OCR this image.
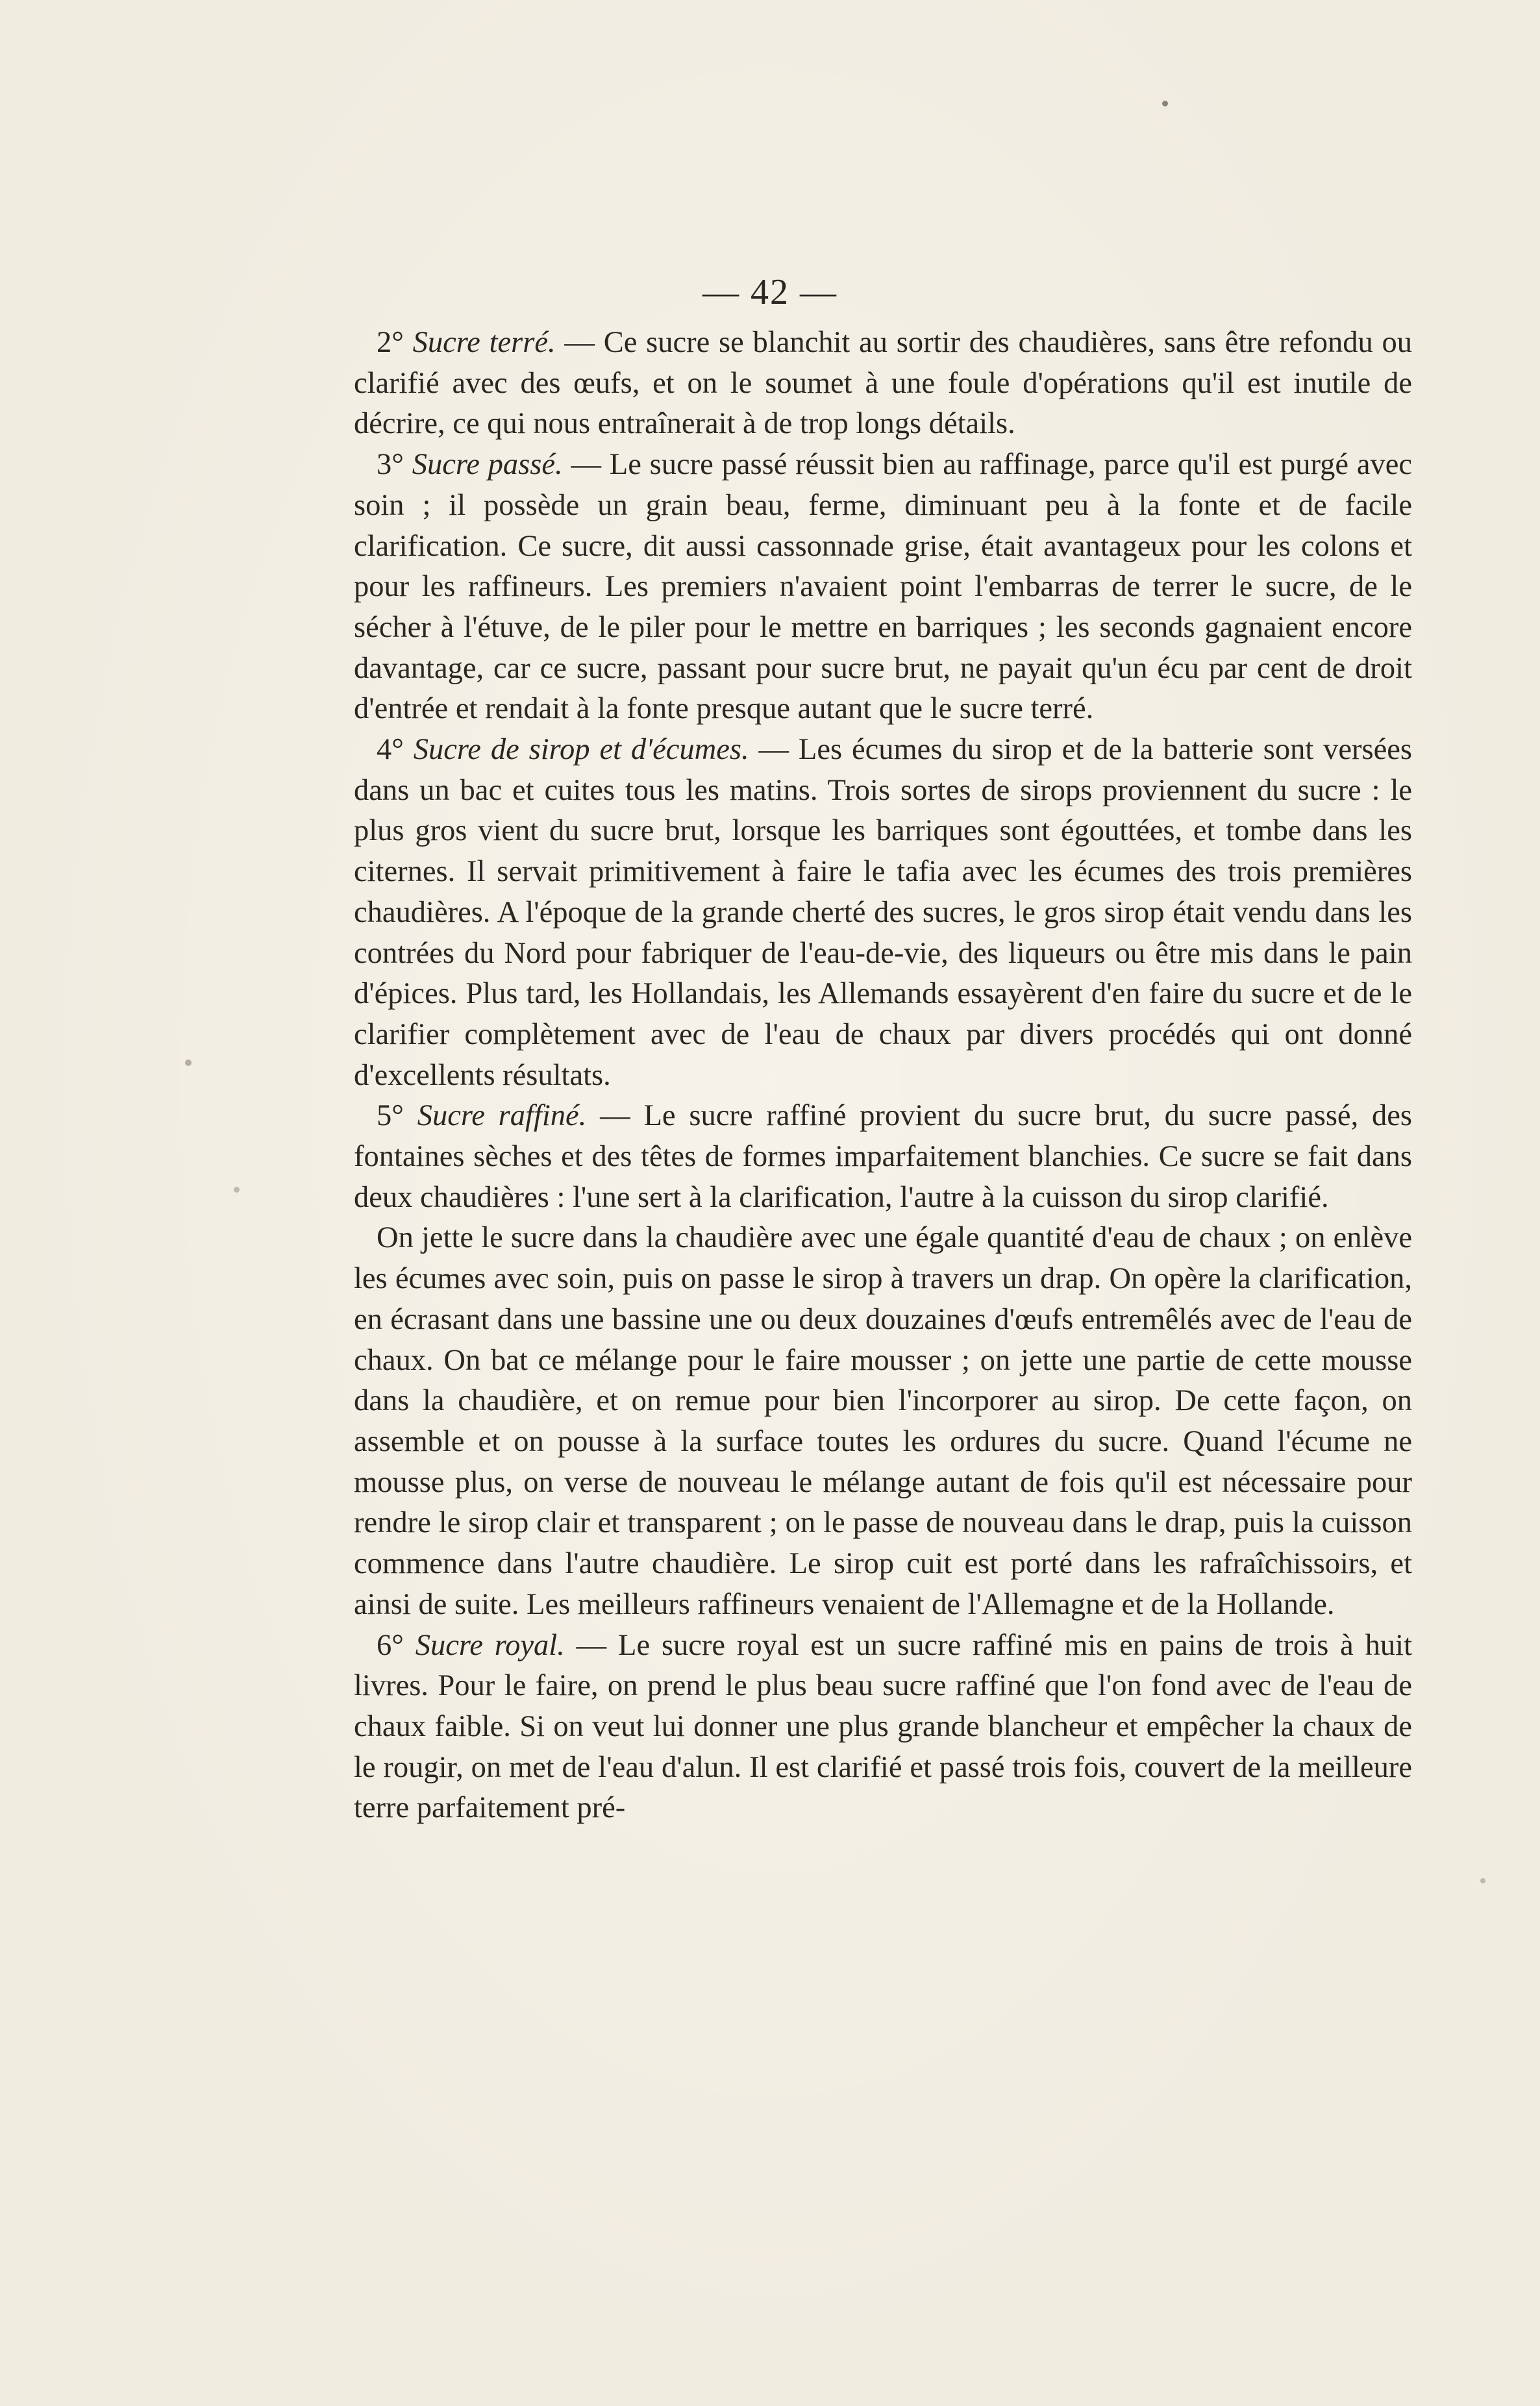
— 42 —

2° Sucre terré. — Ce sucre se blanchit au sortir des chaudières, sans être refondu ou clarifié avec des œufs, et on le soumet à une foule d'opérations qu'il est inutile de décrire, ce qui nous entraînerait à de trop longs détails.

3° Sucre passé. — Le sucre passé réussit bien au raffinage, parce qu'il est purgé avec soin ; il possède un grain beau, ferme, diminuant peu à la fonte et de facile clarification. Ce sucre, dit aussi cassonnade grise, était avantageux pour les colons et pour les raffineurs. Les premiers n'avaient point l'embarras de terrer le sucre, de le sécher à l'étuve, de le piler pour le mettre en barriques ; les seconds gagnaient encore davantage, car ce sucre, passant pour sucre brut, ne payait qu'un écu par cent de droit d'entrée et rendait à la fonte presque autant que le sucre terré.

4° Sucre de sirop et d'écumes. — Les écumes du sirop et de la batterie sont versées dans un bac et cuites tous les matins. Trois sortes de sirops proviennent du sucre : le plus gros vient du sucre brut, lorsque les barriques sont égouttées, et tombe dans les citernes. Il servait primitivement à faire le tafia avec les écumes des trois premières chaudières. A l'époque de la grande cherté des sucres, le gros sirop était vendu dans les contrées du Nord pour fabriquer de l'eau-de-vie, des liqueurs ou être mis dans le pain d'épices. Plus tard, les Hollandais, les Allemands essayèrent d'en faire du sucre et de le clarifier complètement avec de l'eau de chaux par divers procédés qui ont donné d'excellents résultats.

5° Sucre raffiné. — Le sucre raffiné provient du sucre brut, du sucre passé, des fontaines sèches et des têtes de formes imparfaitement blanchies. Ce sucre se fait dans deux chaudières : l'une sert à la clarification, l'autre à la cuisson du sirop clarifié.

On jette le sucre dans la chaudière avec une égale quantité d'eau de chaux ; on enlève les écumes avec soin, puis on passe le sirop à travers un drap. On opère la clarification, en écrasant dans une bassine une ou deux douzaines d'œufs entremêlés avec de l'eau de chaux. On bat ce mélange pour le faire mousser ; on jette une partie de cette mousse dans la chaudière, et on remue pour bien l'incorporer au sirop. De cette façon, on assemble et on pousse à la surface toutes les ordures du sucre. Quand l'écume ne mousse plus, on verse de nouveau le mélange autant de fois qu'il est nécessaire pour rendre le sirop clair et transparent ; on le passe de nouveau dans le drap, puis la cuisson commence dans l'autre chaudière. Le sirop cuit est porté dans les rafraîchissoirs, et ainsi de suite. Les meilleurs raffineurs venaient de l'Allemagne et de la Hollande.

6° Sucre royal. — Le sucre royal est un sucre raffiné mis en pains de trois à huit livres. Pour le faire, on prend le plus beau sucre raffiné que l'on fond avec de l'eau de chaux faible. Si on veut lui donner une plus grande blancheur et empêcher la chaux de le rougir, on met de l'eau d'alun. Il est clarifié et passé trois fois, couvert de la meilleure terre parfaitement pré-
